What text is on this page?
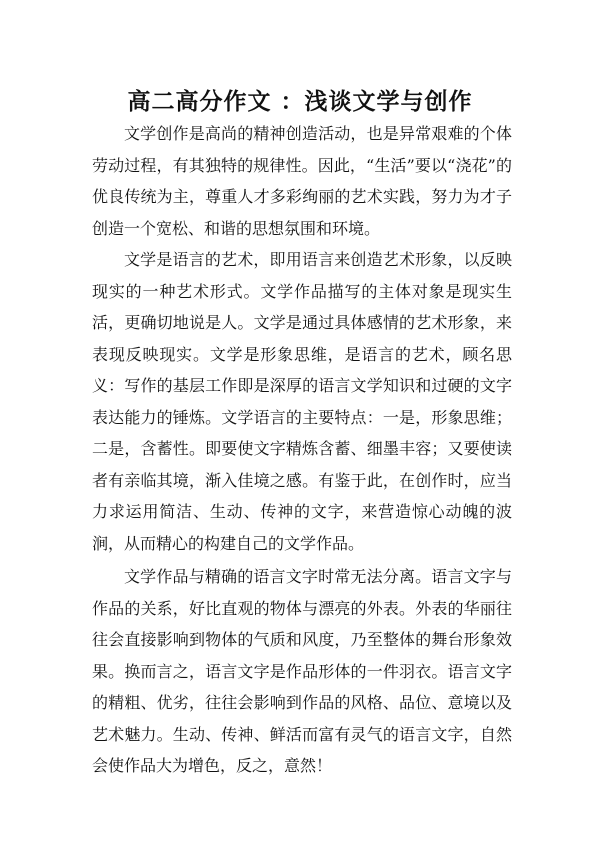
高二高分作文 ：浅谈文学与创作

文学创作是高尚的精神创造活动，也是异常艰难的个体劳动过程，有其独特的规律性。因此，“生活”要以“浇花”的优良传统为主，尊重人才多彩绚丽的艺术实践，努力为才子创造一个宽松、和谐的思想氛围和环境。

文学是语言的艺术，即用语言来创造艺术形象，以反映现实的一种艺术形式。文学作品描写的主体对象是现实生活，更确切地说是人。文学是通过具体感情的艺术形象，来表现反映现实。文学是形象思维，是语言的艺术，顾名思义：写作的基层工作即是深厚的语言文学知识和过硬的文字表达能力的锤炼。文学语言的主要特点：一是，形象思维；二是，含蓄性。即要使文字精炼含蓄、细墨丰容；又要使读者有亲临其境，渐入佳境之感。有鉴于此，在创作时，应当力求运用简洁、生动、传神的文字，来营造惊心动魄的波涧，从而精心的构建自己的文学作品。

文学作品与精确的语言文字时常无法分离。语言文字与作品的关系，好比直观的物体与漂亮的外表。外表的华丽往往会直接影响到物体的气质和风度，乃至整体的舞台形象效果。换而言之，语言文字是作品形体的一件羽衣。语言文字的精粗、优劣，往往会影响到作品的风格、品位、意境以及艺术魅力。生动、传神、鲜活而富有灵气的语言文字，自然会使作品大为增色，反之，意然！
